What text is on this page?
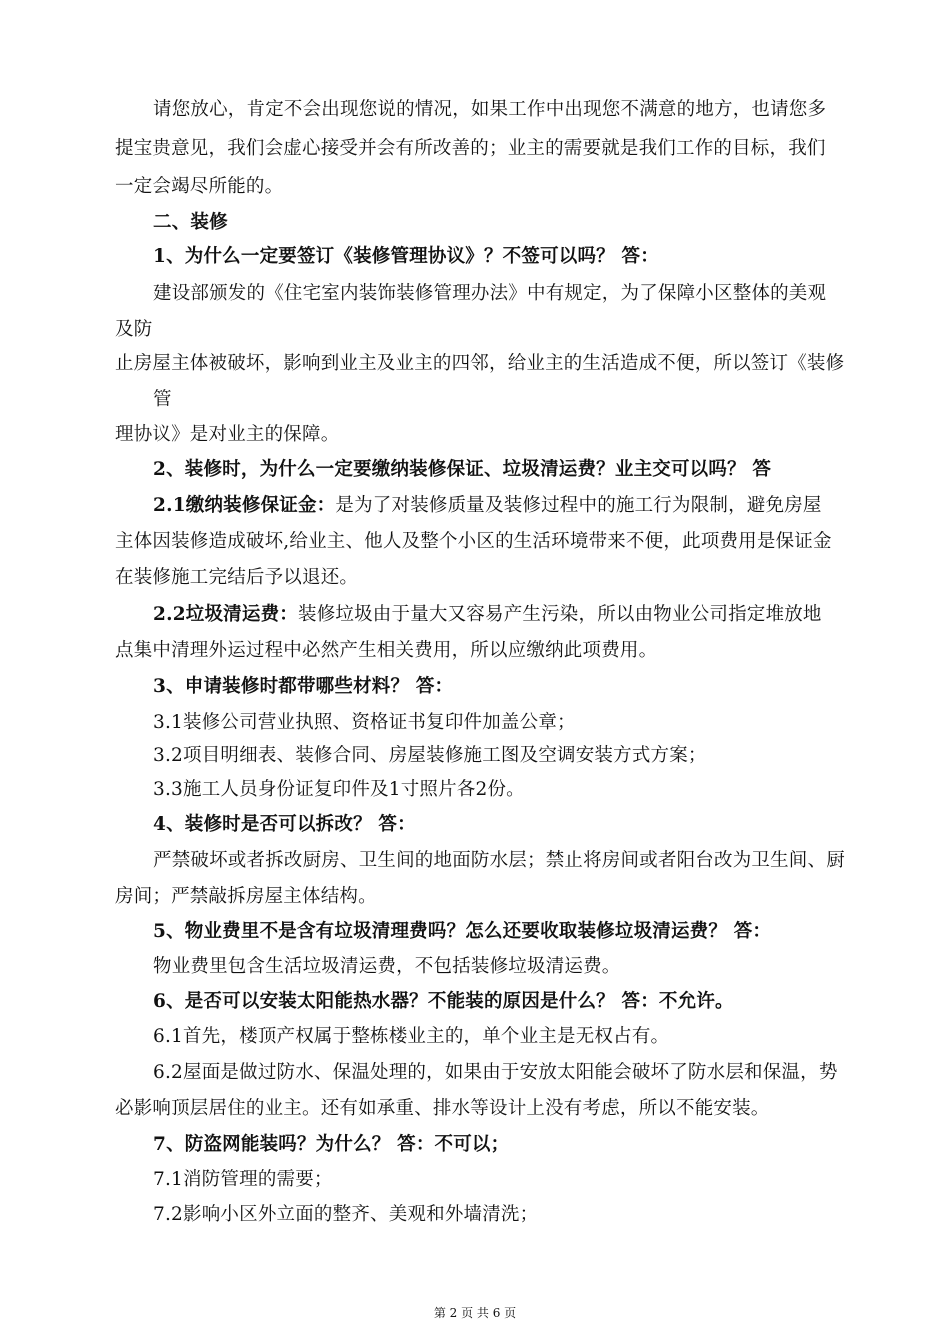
请您放心，肯定不会出现您说的情况，如果工作中出现您不满意的地方，也请您多
提宝贵意见，我们会虚心接受并会有所改善的；业主的需要就是我们工作的目标，我们
一定会竭尽所能的。
二、装修
1、为什么一定要签订《装修管理协议》？不签可以吗？ 答：
建设部颁发的《住宅室内装饰装修管理办法》中有规定，为了保障小区整体的美观
及防
止房屋主体被破坏，影响到业主及业主的四邻，给业主的生活造成不便，所以签订《装修
管
理协议》是对业主的保障。
2、装修时，为什么一定要缴纳装修保证、垃圾清运费？业主交可以吗？ 答
2.1缴纳装修保证金：是为了对装修质量及装修过程中的施工行为限制，避免房屋
主体因装修造成破坏,给业主、他人及整个小区的生活环境带来不便，此项费用是保证金
在装修施工完结后予以退还。
2.2垃圾清运费：装修垃圾由于量大又容易产生污染，所以由物业公司指定堆放地
点集中清理外运过程中必然产生相关费用，所以应缴纳此项费用。
3、申请装修时都带哪些材料？ 答：
3.1装修公司营业执照、资格证书复印件加盖公章；
3.2项目明细表、装修合同、房屋装修施工图及空调安装方式方案；
3.3施工人员身份证复印件及1寸照片各2份。
4、装修时是否可以拆改？ 答：
严禁破坏或者拆改厨房、卫生间的地面防水层；禁止将房间或者阳台改为卫生间、厨
房间；严禁敲拆房屋主体结构。
5、物业费里不是含有垃圾清理费吗？怎么还要收取装修垃圾清运费？ 答：
物业费里包含生活垃圾清运费，不包括装修垃圾清运费。
6、是否可以安装太阳能热水器？不能装的原因是什么？ 答：不允许。
6.1首先，楼顶产权属于整栋楼业主的，单个业主是无权占有。
6.2屋面是做过防水、保温处理的，如果由于安放太阳能会破坏了防水层和保温，势
必影响顶层居住的业主。还有如承重、排水等设计上没有考虑，所以不能安装。
7、防盗网能装吗？为什么？ 答：不可以；
7.1消防管理的需要；
7.2影响小区外立面的整齐、美观和外墙清洗；
第 2 页 共 6 页
